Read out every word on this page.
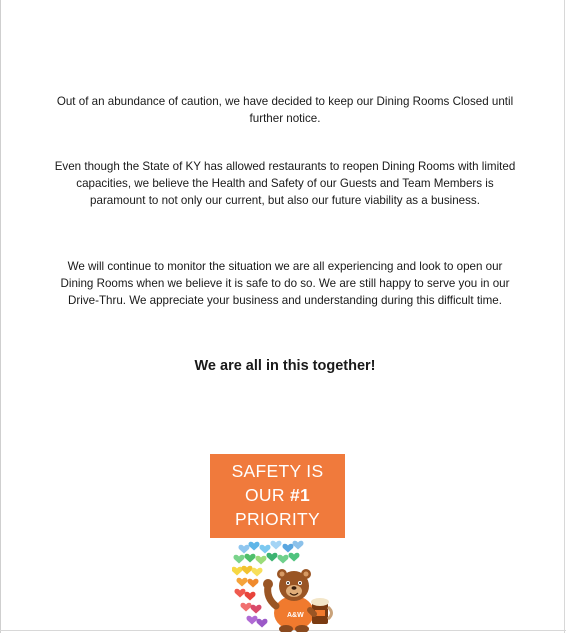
Out of an abundance of caution, we have decided to keep our Dining Rooms Closed until further notice.

Even though the State of KY has allowed restaurants to reopen Dining Rooms with limited capacities, we believe the Health and Safety of our Guests and Team Members is paramount to not only our current, but also our future viability as a business.

We will continue to monitor the situation we are all experiencing and look to open our Dining Rooms when we believe it is safe to do so. We are still happy to serve you in our Drive-Thru. We appreciate your business and understanding during this difficult time.

We are all in this together!

SAFETY IS
OUR #1
PRIORITY
A&W
